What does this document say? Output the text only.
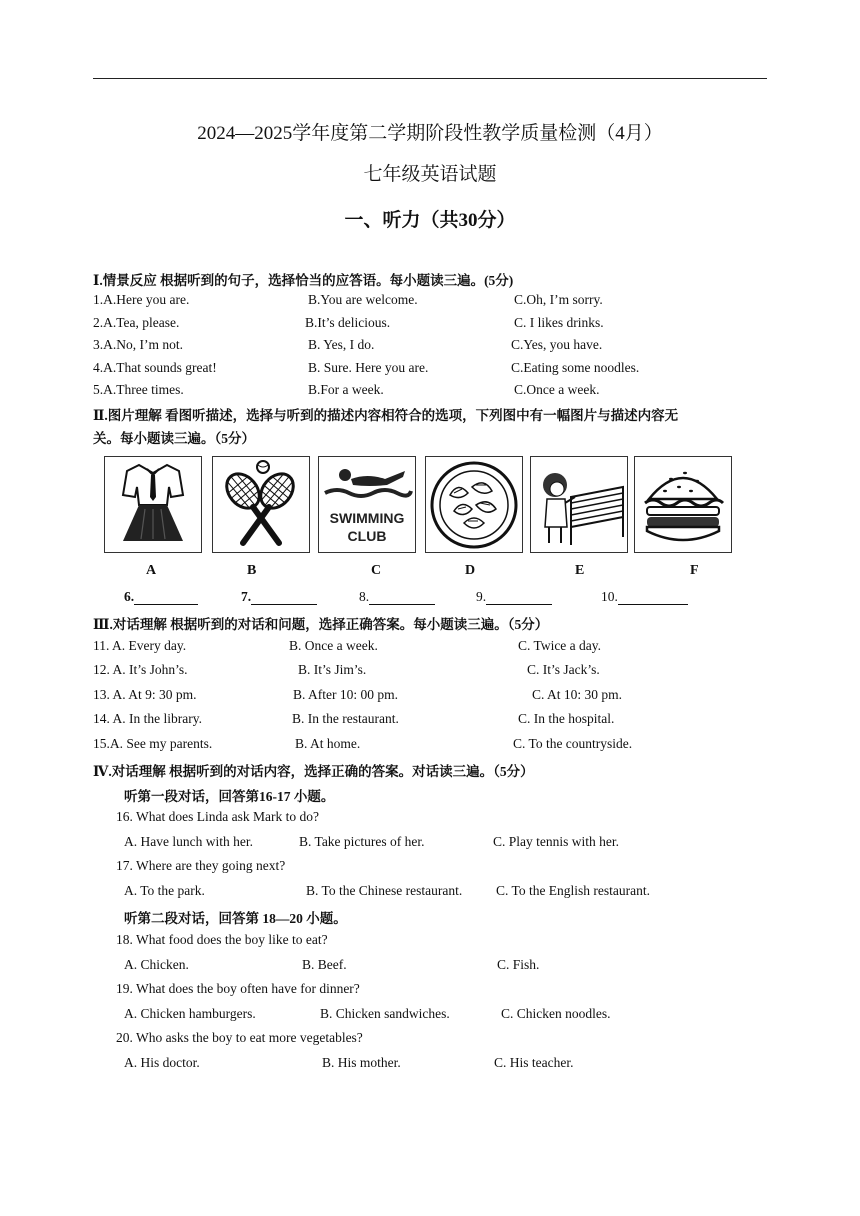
2024—2025学年度第二学期阶段性教学质量检测（4月）
七年级英语试题
一、听力（共30分）
Ⅰ.情景反应 根据听到的句子，选择恰当的应答语。每小题读三遍。(5分)
1.A.Here you are.	B.You are welcome.	C.Oh, I’m sorry.
2.A.Tea, please.	B.It’s delicious.	C. I likes drinks.
3.A.No, I’m not.	B. Yes, I do.	C.Yes, you have.
4.A.That sounds great!	B. Sure. Here you are.	C.Eating some noodles.
5.A.Three times.	B.For a week.	C.Once a week.
Ⅱ.图片理解 看图听描述，选择与听到的描述内容相符合的选项，下列图中有一幅图片与描述内容无
关。每小题读三遍。（5分）
SWIMMING
CLUB
A	B	C	D	E	F
6.	7.	8.	9.	10.
Ⅲ.对话理解 根据听到的对话和问题，选择正确答案。每小题读三遍。（5分）
11. A. Every day.	B. Once a week.	C. Twice a day.
12. A. It’s John’s.	B. It’s Jim’s.	C. It’s Jack’s.
13. A. At 9: 30 pm.	B. After 10: 00 pm.	C. At 10: 30 pm.
14. A. In the library.	B. In the restaurant.	C. In the hospital.
15.A. See my parents.	B. At home.	C. To the countryside.
Ⅳ.对话理解 根据听到的对话内容，选择正确的答案。对话读三遍。（5分）
听第一段对话，回答第16-17 小题。
16. What does Linda ask Mark to do?
A. Have lunch with her.	B. Take pictures of her.	C. Play tennis with her.
17. Where are they going next?
A. To the park.	B. To the Chinese restaurant. C. To the English restaurant.
听第二段对话，回答第 18—20 小题。
18. What food does the boy like to eat?
A. Chicken.	B. Beef.	C. Fish.
19. What does the boy often have for dinner?
A. Chicken hamburgers.	B. Chicken sandwiches.	C. Chicken noodles.
20. Who asks the boy to eat more vegetables?
A. His doctor.	B. His mother.	C. His teacher.
